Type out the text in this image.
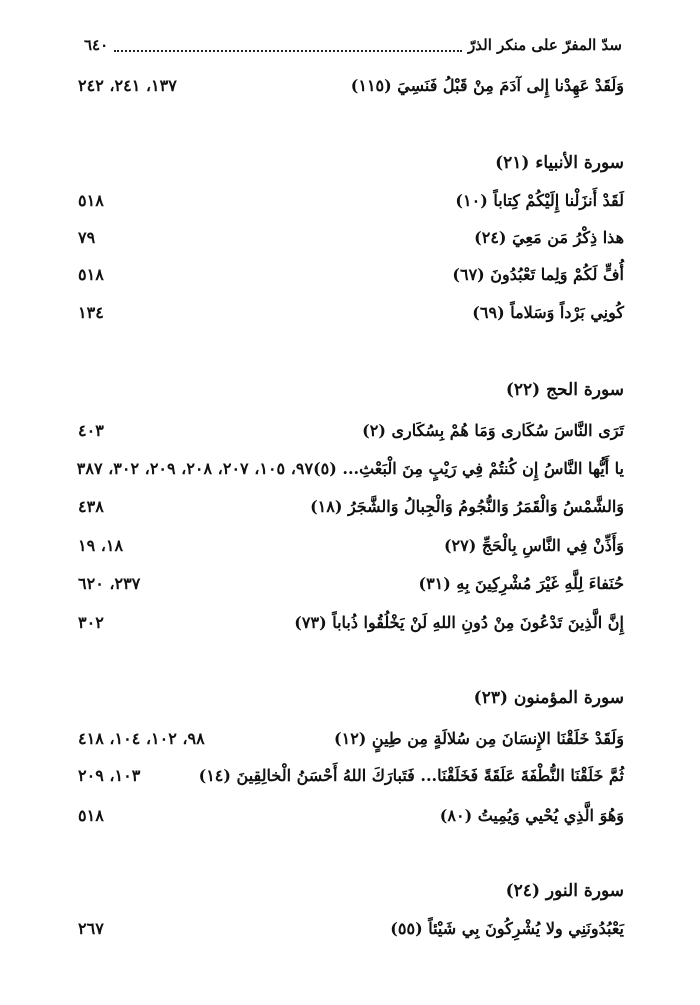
سدّ المفرّ على منكر الذرّ
٦٤٠
وَلَقَدْ عَهِدْنا إِلى آدَمَ مِنْ قَبْلُ فَنَسِيَ (١١٥)
١٣٧، ٢٤١، ٢٤٢
سورة الأنبياء (٢١)
لَقَدْ أَنزَلْنا إِلَيْكُمْ كِتاباً (١٠)
٥١٨
هذا ذِكْرُ مَن مَعِيَ (٢٤)
٧٩
أُفٍّ لَكُمْ وَلِما تَعْبُدُونَ (٦٧)
٥١٨
كُونِي بَرْداً وَسَلاماً (٦٩)
١٣٤
سورة الحج (٢٢)
تَرَى النَّاسَ سُكَارى وَمَا هُمْ بِسُكَارى (٢)
٤٠٣
يا أَيُّها النَّاسُ إِن كُنتُمْ فِي رَيْبٍ مِنَ الْبَعْثِ... (٥)
٩٧، ١٠٥، ٢٠٧، ٢٠٨، ٢٠٩، ٣٠٢، ٣٨٧
وَالشَّمْسُ وَالْقَمَرُ وَالنُّجُومُ وَالْجِبالُ وَالشَّجَرُ (١٨)
٤٣٨
وَأَذِّنْ فِي النَّاسِ بِالْحَجِّ (٢٧)
١٨، ١٩
حُنَفاءَ لِلَّهِ غَيْرَ مُشْرِكِينَ بِهِ (٣١)
٢٣٧، ٦٢٠
إِنَّ الَّذِينَ تَدْعُونَ مِنْ دُونِ اللهِ لَنْ يَخْلُقُوا ذُباباً (٧٣)
٣٠٢
سورة المؤمنون (٢٣)
وَلَقَدْ خَلَقْنَا الإِنسَانَ مِن سُلالَةٍ مِن طِينٍ (١٢)
٩٨، ١٠٢، ١٠٤، ٤١٨
ثُمَّ خَلَقْنَا النُّطْفَةَ عَلَقَةً فَخَلَقْنَا... فَتَبارَكَ اللهُ أَحْسَنُ الْخالِقِينَ (١٤)
١٠٣، ٢٠٩
وَهُوَ الَّذِي يُحْيي وَيُمِيتُ (٨٠)
٥١٨
سورة النور (٢٤)
يَعْبُدُونَنِي ولا يُشْرِكُونَ بِي شَيْئاً (٥٥)
٢٦٧
